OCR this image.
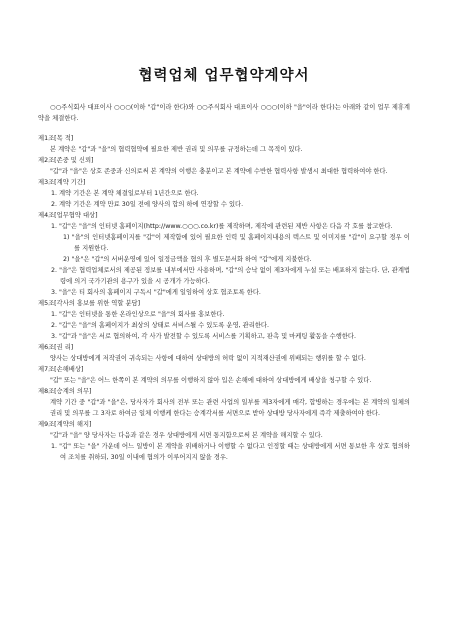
협력업체 업무협약계약서

○○주식회사 대표이사 ○○○(이하 "갑"이라 한다)와 ○○주식회사 대표이사 ○○○(이하 "을"이라 한다)는 아래와 같이 업무 제휴계약을 체결한다.

제1조[목 적]

본 계약은 "갑"과 "을"의 협력협약에 필요한 제반 권리 및 의무를 규정하는데 그 목적이 있다.

제2조[존중 및 신뢰]

"갑"과 "을"은 상호 존중과 신의로써 본 계약의 이행은 충분이고 본 계약에 수반한 협력사항 발생시 최대한 협력하여야 한다.

제3조[계약 기간]

1. 계약 기간은 본 계약 체결일로부터 1년간으로 한다.

2. 계약 기간은 계약 만료 30일 전에 양사의 합의 하에 연장할 수 있다.

제4조[업무협약 대상]

1. "갑"은 "을"의 인터넷 홈페이지(http://www.○○○.co.kr)를 제작하며, 제작에 관련된 제반 사항은 다음 각 호를 참고한다.

1) "을"의 인터넷홈페이지를 "갑"이 제작함에 있어 필요한 인력 및 홈페이지내용의 텍스트 및 이미지를 "갑"이 요구할 경우 이를 지원한다.

2) "을"은 "갑"의 서버운영에 있어 일정금액을 협의 후 별도문서화 하여 "갑"에게 지불한다.

2. "을"은 협력업체로서의 제공된 정보를 내부에서만 사용하며, "갑"의 승낙 없이 제3자에게 누설 또는 배포하지 않는다. 단, 관계법령에 의거 국가기관의 용구가 있을 시 공개가 가능하다.

3. "을"은 티 회사의 홈페이지 구독시 "갑"에게 일임하여 상호 협조토록 한다.

제5조[각사의 홍보를 위한 역할 분담]

1. "갑"은 인터넷을 통한 온라인상으로 "을"의 회사를 홍보한다.

2. "갑"은 "을"의 홈페이지가 최상의 상태로 서비스될 수 있도록 운영, 관리한다.

3. "갑"과 "을"은 서로 협의하여, 각 사가 발전할 수 있도록 서비스를 기획하고, 판촉 및 마케팅 활동을 수행한다.

제6조[권 리]

양사는 상대방에게 저작권이 귀속되는 사항에 대하여 상대방의 허락 없이 지적재산권에 위배되는 행위를 할 수 없다.

제7조[손해배상]

"갑" 또는 "을"은 어느 한쪽이 본 계약의 의무를 이행하지 않아 입은 손해에 대하여 상대방에게 배상을 청구할 수 있다.

제8조[승계의 의무]

계약 기간 중 "갑"과 "을"은, 당사자가 회사의 전부 또는 관련 사업의 일부를 제3자에게 매각, 합병하는 경우에는 본 계약의 일체의 권리 및 의무를 그 3자로 하여금 일체 이행케 한다는 승계각서를 서면으로 받아 상대방 당사자에게 즉각 제출하여야 한다.

제9조[계약의 해지]

"갑"과 "을" 양 당사자는 다음과 같은 경우 상대방에게 서면 통지함으로써 본 계약을 해지할 수 있다.

1. "갑" 또는 "을" 가운데 어느 일방이 본 계약을 위배하거나 이행할 수 없다고 인정할 때는 상대방에게 서면 통보한 후 상호 협의하여 조치를 취하되, 30일 이내에 협의가 이루어지지 않을 경우.
